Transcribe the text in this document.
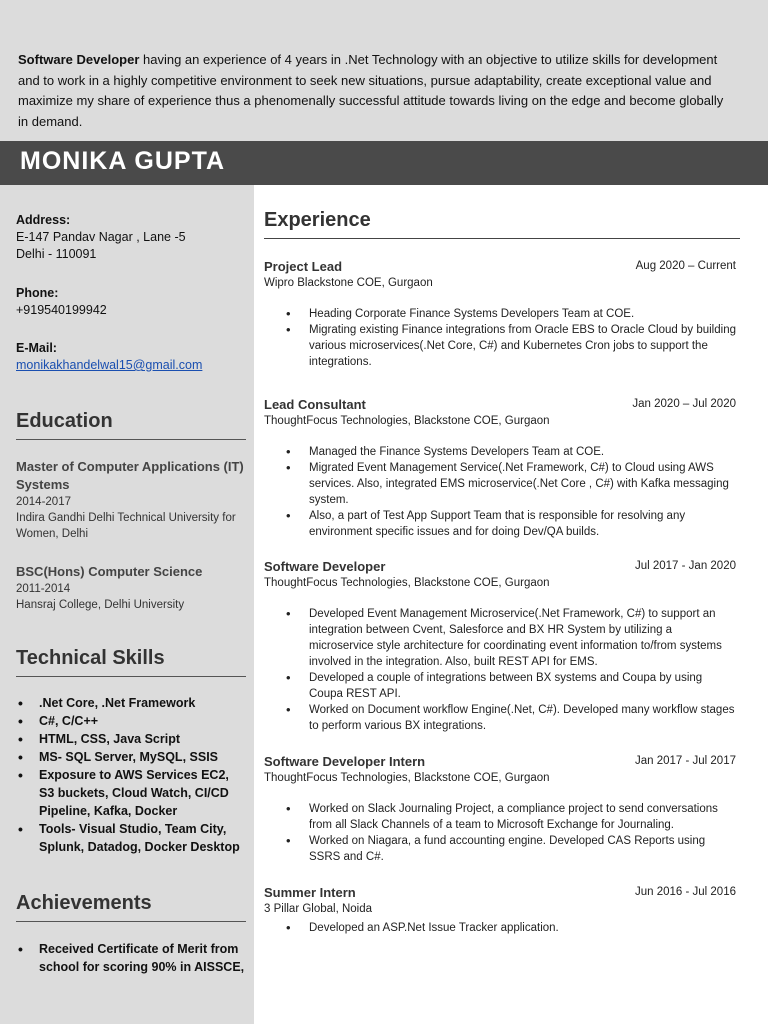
Software Developer having an experience of 4 years in .Net Technology with an objective to utilize skills for development and to work in a highly competitive environment to seek new situations, pursue adaptability, create exceptional value and maximize my share of experience thus a phenomenally successful attitude towards living on the edge and become globally in demand.
MONIKA GUPTA
Address:
E-147 Pandav Nagar , Lane -5
Delhi - 110091
Phone:
+919540199942
E-Mail:
monikakhandelwal15@gmail.com
Education
Master of Computer Applications (IT) Systems
2014-2017
Indira Gandhi Delhi Technical University for Women, Delhi
BSC(Hons) Computer Science
2011-2014
Hansraj College, Delhi University
Technical Skills
• .Net Core, .Net Framework
• C#, C/C++
• HTML, CSS, Java Script
• MS- SQL Server, MySQL, SSIS
• Exposure to AWS Services EC2, S3 buckets, Cloud Watch, CI/CD Pipeline, Kafka, Docker
• Tools- Visual Studio, Team City, Splunk, Datadog, Docker Desktop
Achievements
• Received Certificate of Merit from school for scoring 90% in AISSCE,
Experience
Project Lead	Aug 2020 – Current
Wipro Blackstone COE, Gurgaon
• Heading Corporate Finance Systems Developers Team at COE.
• Migrating existing Finance integrations from Oracle EBS to Oracle Cloud by building various microservices(.Net Core, C#) and Kubernetes Cron jobs to support the integrations.
Lead Consultant	Jan 2020 – Jul 2020
ThoughtFocus Technologies, Blackstone COE, Gurgaon
• Managed the Finance Systems Developers Team at COE.
• Migrated Event Management Service(.Net Framework, C#) to Cloud using AWS services. Also, integrated EMS microservice(.Net Core , C#) with Kafka messaging system.
• Also, a part of Test App Support Team that is responsible for resolving any environment specific issues and for doing Dev/QA builds.
Software Developer	Jul 2017 - Jan 2020
ThoughtFocus Technologies, Blackstone COE, Gurgaon
• Developed Event Management Microservice(.Net Framework, C#) to support an integration between Cvent, Salesforce and BX HR System by utilizing a microservice style architecture for coordinating event information to/from systems involved in the integration. Also, built REST API for EMS.
• Developed a couple of integrations between BX systems and Coupa by using Coupa REST API.
• Worked on Document workflow Engine(.Net, C#). Developed many workflow stages to perform various BX integrations.
Software Developer Intern	Jan 2017 - Jul 2017
ThoughtFocus Technologies, Blackstone COE, Gurgaon
• Worked on Slack Journaling Project, a compliance project to send conversations from all Slack Channels of a team to Microsoft Exchange for Journaling.
• Worked on Niagara, a fund accounting engine. Developed CAS Reports using SSRS and C#.
Summer Intern	Jun 2016 - Jul 2016
3 Pillar Global, Noida
• Developed an ASP.Net Issue Tracker application.
